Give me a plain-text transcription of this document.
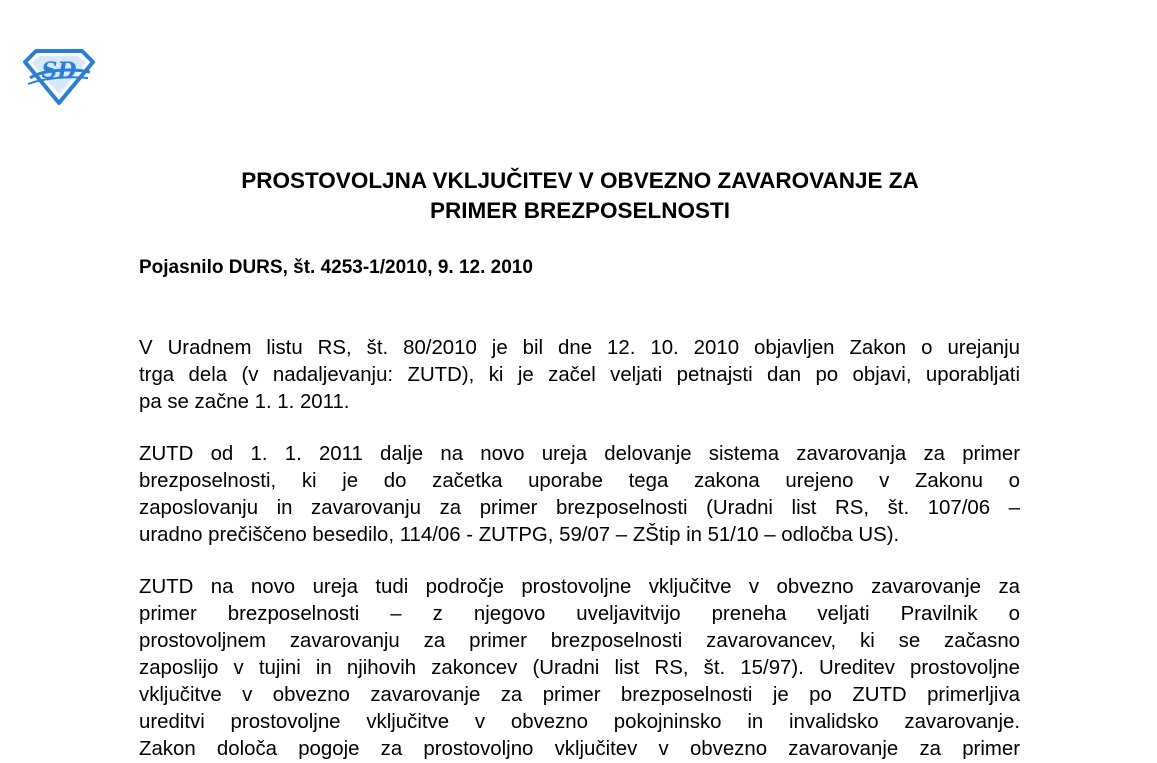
SD
PROSTOVOLJNA VKLJUČITEV V OBVEZNO ZAVAROVANJE ZA
PRIMER BREZPOSELNOSTI

Pojasnilo DURS, št. 4253-1/2010, 9. 12. 2010

V Uradnem listu RS, št. 80/2010 je bil dne 12. 10. 2010 objavljen Zakon o urejanju
trga dela (v nadaljevanju: ZUTD), ki je začel veljati petnajsti dan po objavi, uporabljati
pa se začne 1. 1. 2011.
ZUTD od 1. 1. 2011 dalje na novo ureja delovanje sistema zavarovanja za primer
brezposelnosti, ki je do začetka uporabe tega zakona urejeno v Zakonu o
zaposlovanju in zavarovanju za primer brezposelnosti (Uradni list RS, št. 107/06 –
uradno prečiščeno besedilo, 114/06 - ZUTPG, 59/07 – ZŠtip in 51/10 – odločba US).
ZUTD na novo ureja tudi področje prostovoljne vključitve v obvezno zavarovanje za
primer brezposelnosti – z njegovo uveljavitvijo preneha veljati Pravilnik o
prostovoljnem zavarovanju za primer brezposelnosti zavarovancev, ki se začasno
zaposlijo v tujini in njihovih zakoncev (Uradni list RS, št. 15/97). Ureditev prostovoljne
vključitve v obvezno zavarovanje za primer brezposelnosti je po ZUTD primerljiva
ureditvi prostovoljne vključitve v obvezno pokojninsko in invalidsko zavarovanje.
Zakon določa pogoje za prostovoljno vključitev v obvezno zavarovanje za primer
